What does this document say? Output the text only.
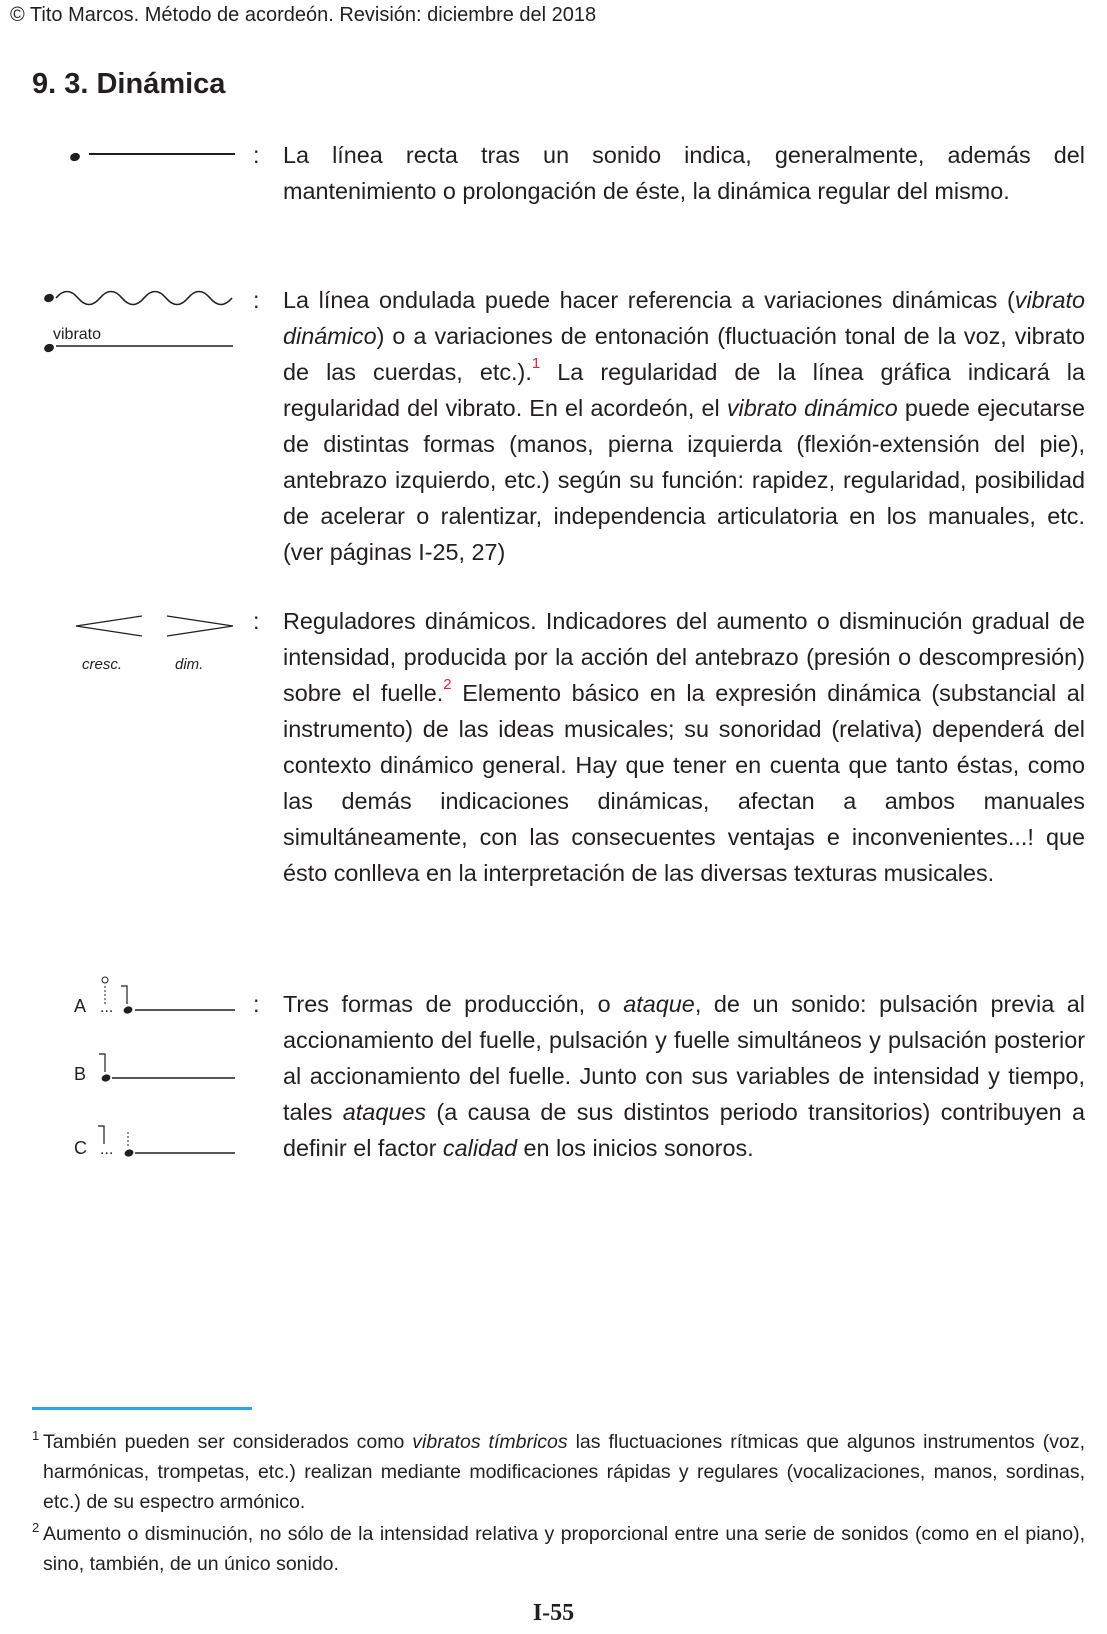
© Tito Marcos. Método de acordeón. Revisión: diciembre del 2018
9. 3. Dinámica
vibrato
cresc.	dim.
A ...
B
C ...
:	La línea recta tras un sonido indica, generalmente, además del mantenimiento o prolongación de éste, la dinámica regular del mismo.

:	La línea ondulada puede hacer referencia a variaciones dinámicas (vibrato dinámico) o a variaciones de entonación (fluctuación tonal de la voz, vibrato de las cuerdas, etc.).$^1$ La regularidad de la línea gráfica indicará la regularidad del vibrato. En el acordeón, el vibrato dinámico puede ejecutarse de distintas formas (manos, pierna izquierda (flexión-extensión del pie), antebrazo izquierdo, etc.) según su función: rapidez, regularidad, posibilidad de acelerar o ralentizar, independencia articulatoria en los manuales, etc. (ver páginas I-25, 27)

:	Reguladores dinámicos. Indicadores del aumento o disminución gradual de intensidad, producida por la acción del antebrazo (presión o descompresión) sobre el fuelle.$^2$ Elemento básico en la expresión dinámica (substancial al instrumento) de las ideas musicales; su sonoridad (relativa) dependerá del contexto dinámico general. Hay que tener en cuenta que tanto éstas, como las demás indicaciones dinámicas, afectan a ambos manuales simultáneamente, con las consecuentes ventajas e inconvenientes...! que ésto conlleva en la interpretación de las diversas texturas musicales.

:	Tres formas de producción, o ataque, de un sonido: pulsación previa al accionamiento del fuelle, pulsación y fuelle simultáneos y pulsación posterior al accionamiento del fuelle. Junto con sus variables de intensidad y tiempo, tales ataques (a causa de sus distintos periodo transitorios) contribuyen a definir el factor calidad en los inicios sonoros.

1 También pueden ser considerados como vibratos tímbricos las fluctuaciones rítmicas que algunos instrumentos (voz, harmónicas, trompetas, etc.) realizan mediante modificaciones rápidas y regulares (vocalizaciones, manos, sordinas, etc.) de su espectro armónico.
2 Aumento o disminución, no sólo de la intensidad relativa y proporcional entre una serie de sonidos (como en el piano), sino, también, de un único sonido.
I-55
